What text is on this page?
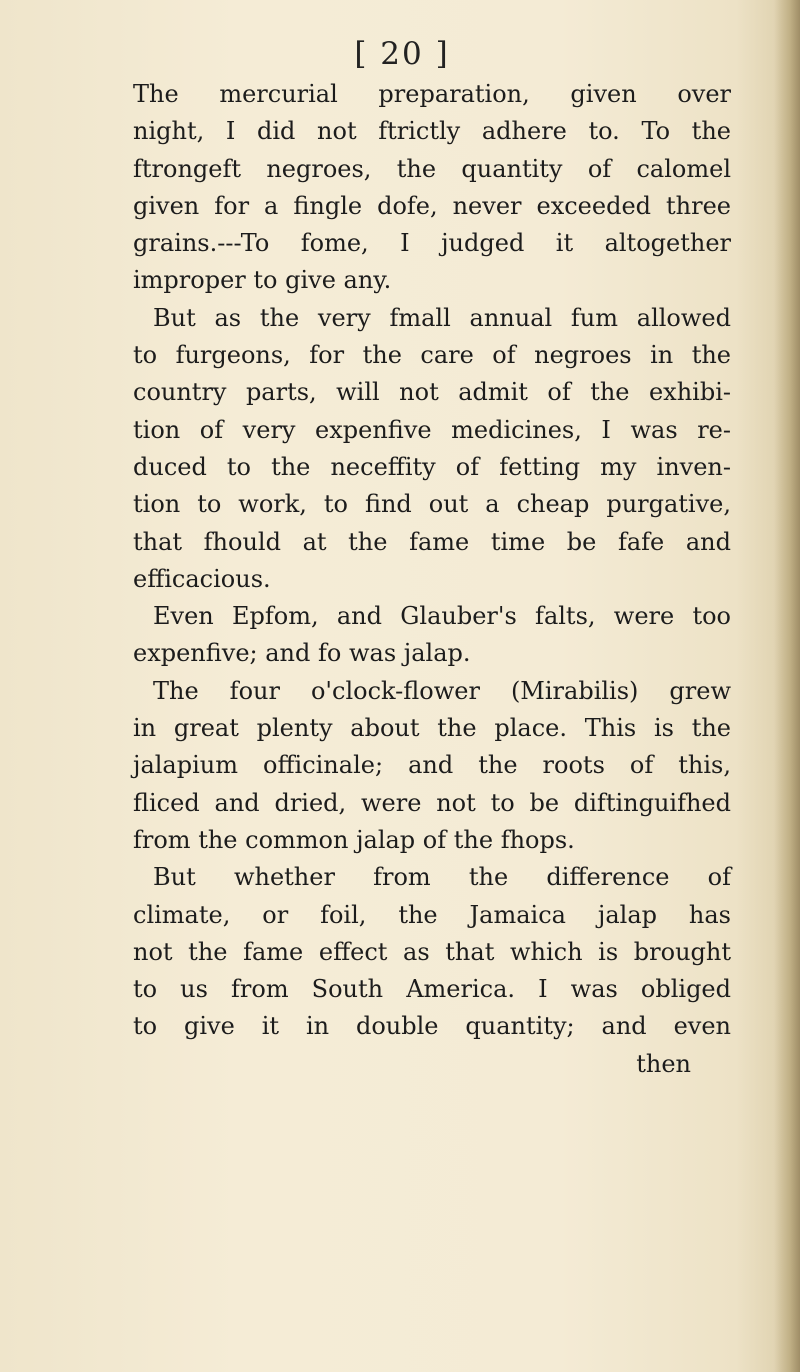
[ 20 ]
The mercurial preparation, given over
night, I did not ftrictly adhere to. To the
ftrongeft negroes, the quantity of calomel
given for a fingle dofe, never exceeded three
grains.---To fome, I judged it altogether
improper to give any.
But as the very fmall annual fum allowed
to furgeons, for the care of negroes in the
country parts, will not admit of the exhibi-
tion of very expenfive medicines, I was re-
duced to the neceffity of fetting my inven-
tion to work, to find out a cheap purgative,
that fhould at the fame time be fafe and
efficacious.
Even Epfom, and Glauber's falts, were too
expenfive; and fo was jalap.
The four o'clock-flower (Mirabilis) grew
in great plenty about the place. This is the
jalapium officinale; and the roots of this,
fliced and dried, were not to be diftinguifhed
from the common jalap of the fhops.
But whether from the difference of
climate, or foil, the Jamaica jalap has
not the fame effect as that which is brought
to us from South America. I was obliged
to give it in double quantity; and even
then
